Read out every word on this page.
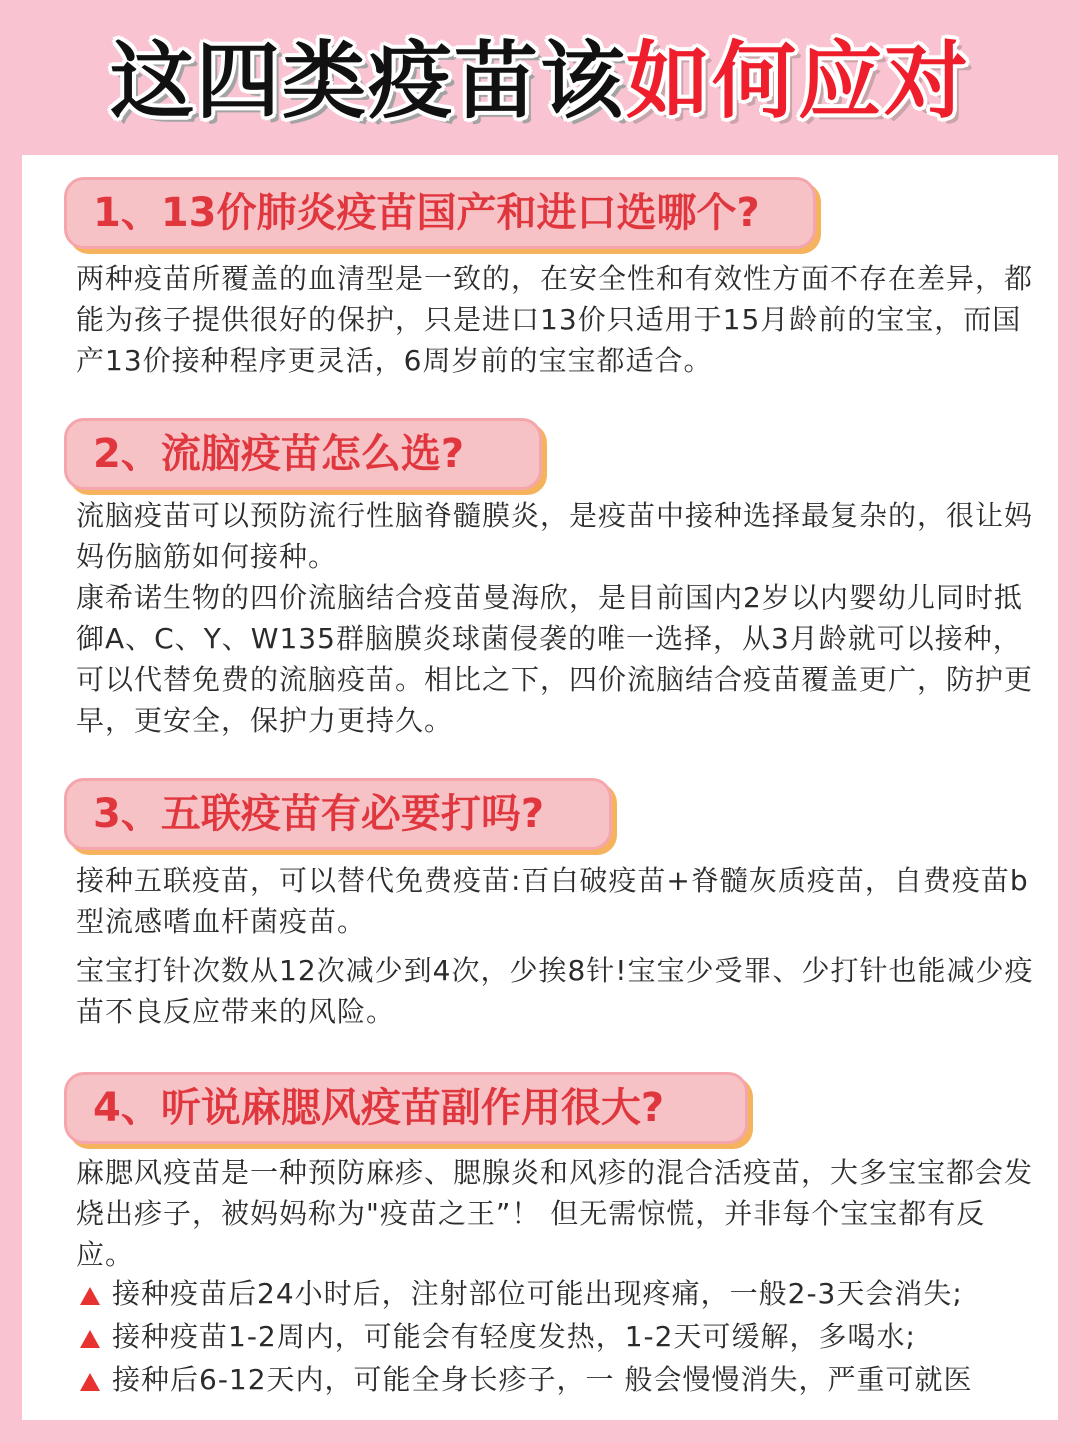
这四类疫苗该如何应对
1、13价肺炎疫苗国产和进口选哪个?
两种疫苗所覆盖的血清型是一致的，在安全性和有效性方面不存在差异，都能为孩子提供很好的保护，只是进口13价只适用于15月龄前的宝宝，而国产13价接种程序更灵活，6周岁前的宝宝都适合。
2、流脑疫苗怎么选?
流脑疫苗可以预防流行性脑脊髓膜炎，是疫苗中接种选择最复杂的，很让妈妈伤脑筋如何接种。
康希诺生物的四价流脑结合疫苗曼海欣，是目前国内2岁以内婴幼儿同时抵御A、C、Y、W135群脑膜炎球菌侵袭的唯一选择，从3月龄就可以接种，可以代替免费的流脑疫苗。相比之下，四价流脑结合疫苗覆盖更广，防护更早，更安全，保护力更持久。
3、五联疫苗有必要打吗?
接种五联疫苗，可以替代免费疫苗:百白破疫苗+脊髓灰质疫苗，自费疫苗b型流感嗜血杆菌疫苗。
宝宝打针次数从12次减少到4次，少挨8针!宝宝少受罪、少打针也能减少疫苗不良反应带来的风险。
4、听说麻腮风疫苗副作用很大?
麻腮风疫苗是一种预防麻疹、腮腺炎和风疹的混合活疫苗，大多宝宝都会发烧出疹子，被妈妈称为"疫苗之王”！ 但无需惊慌，并非每个宝宝都有反应。
接种疫苗后24小时后，注射部位可能出现疼痛，一般2-3天会消失;
接种疫苗1-2周内，可能会有轻度发热，1-2天可缓解，多喝水;
接种后6-12天内，可能全身长疹子，一 般会慢慢消失，严重可就医
